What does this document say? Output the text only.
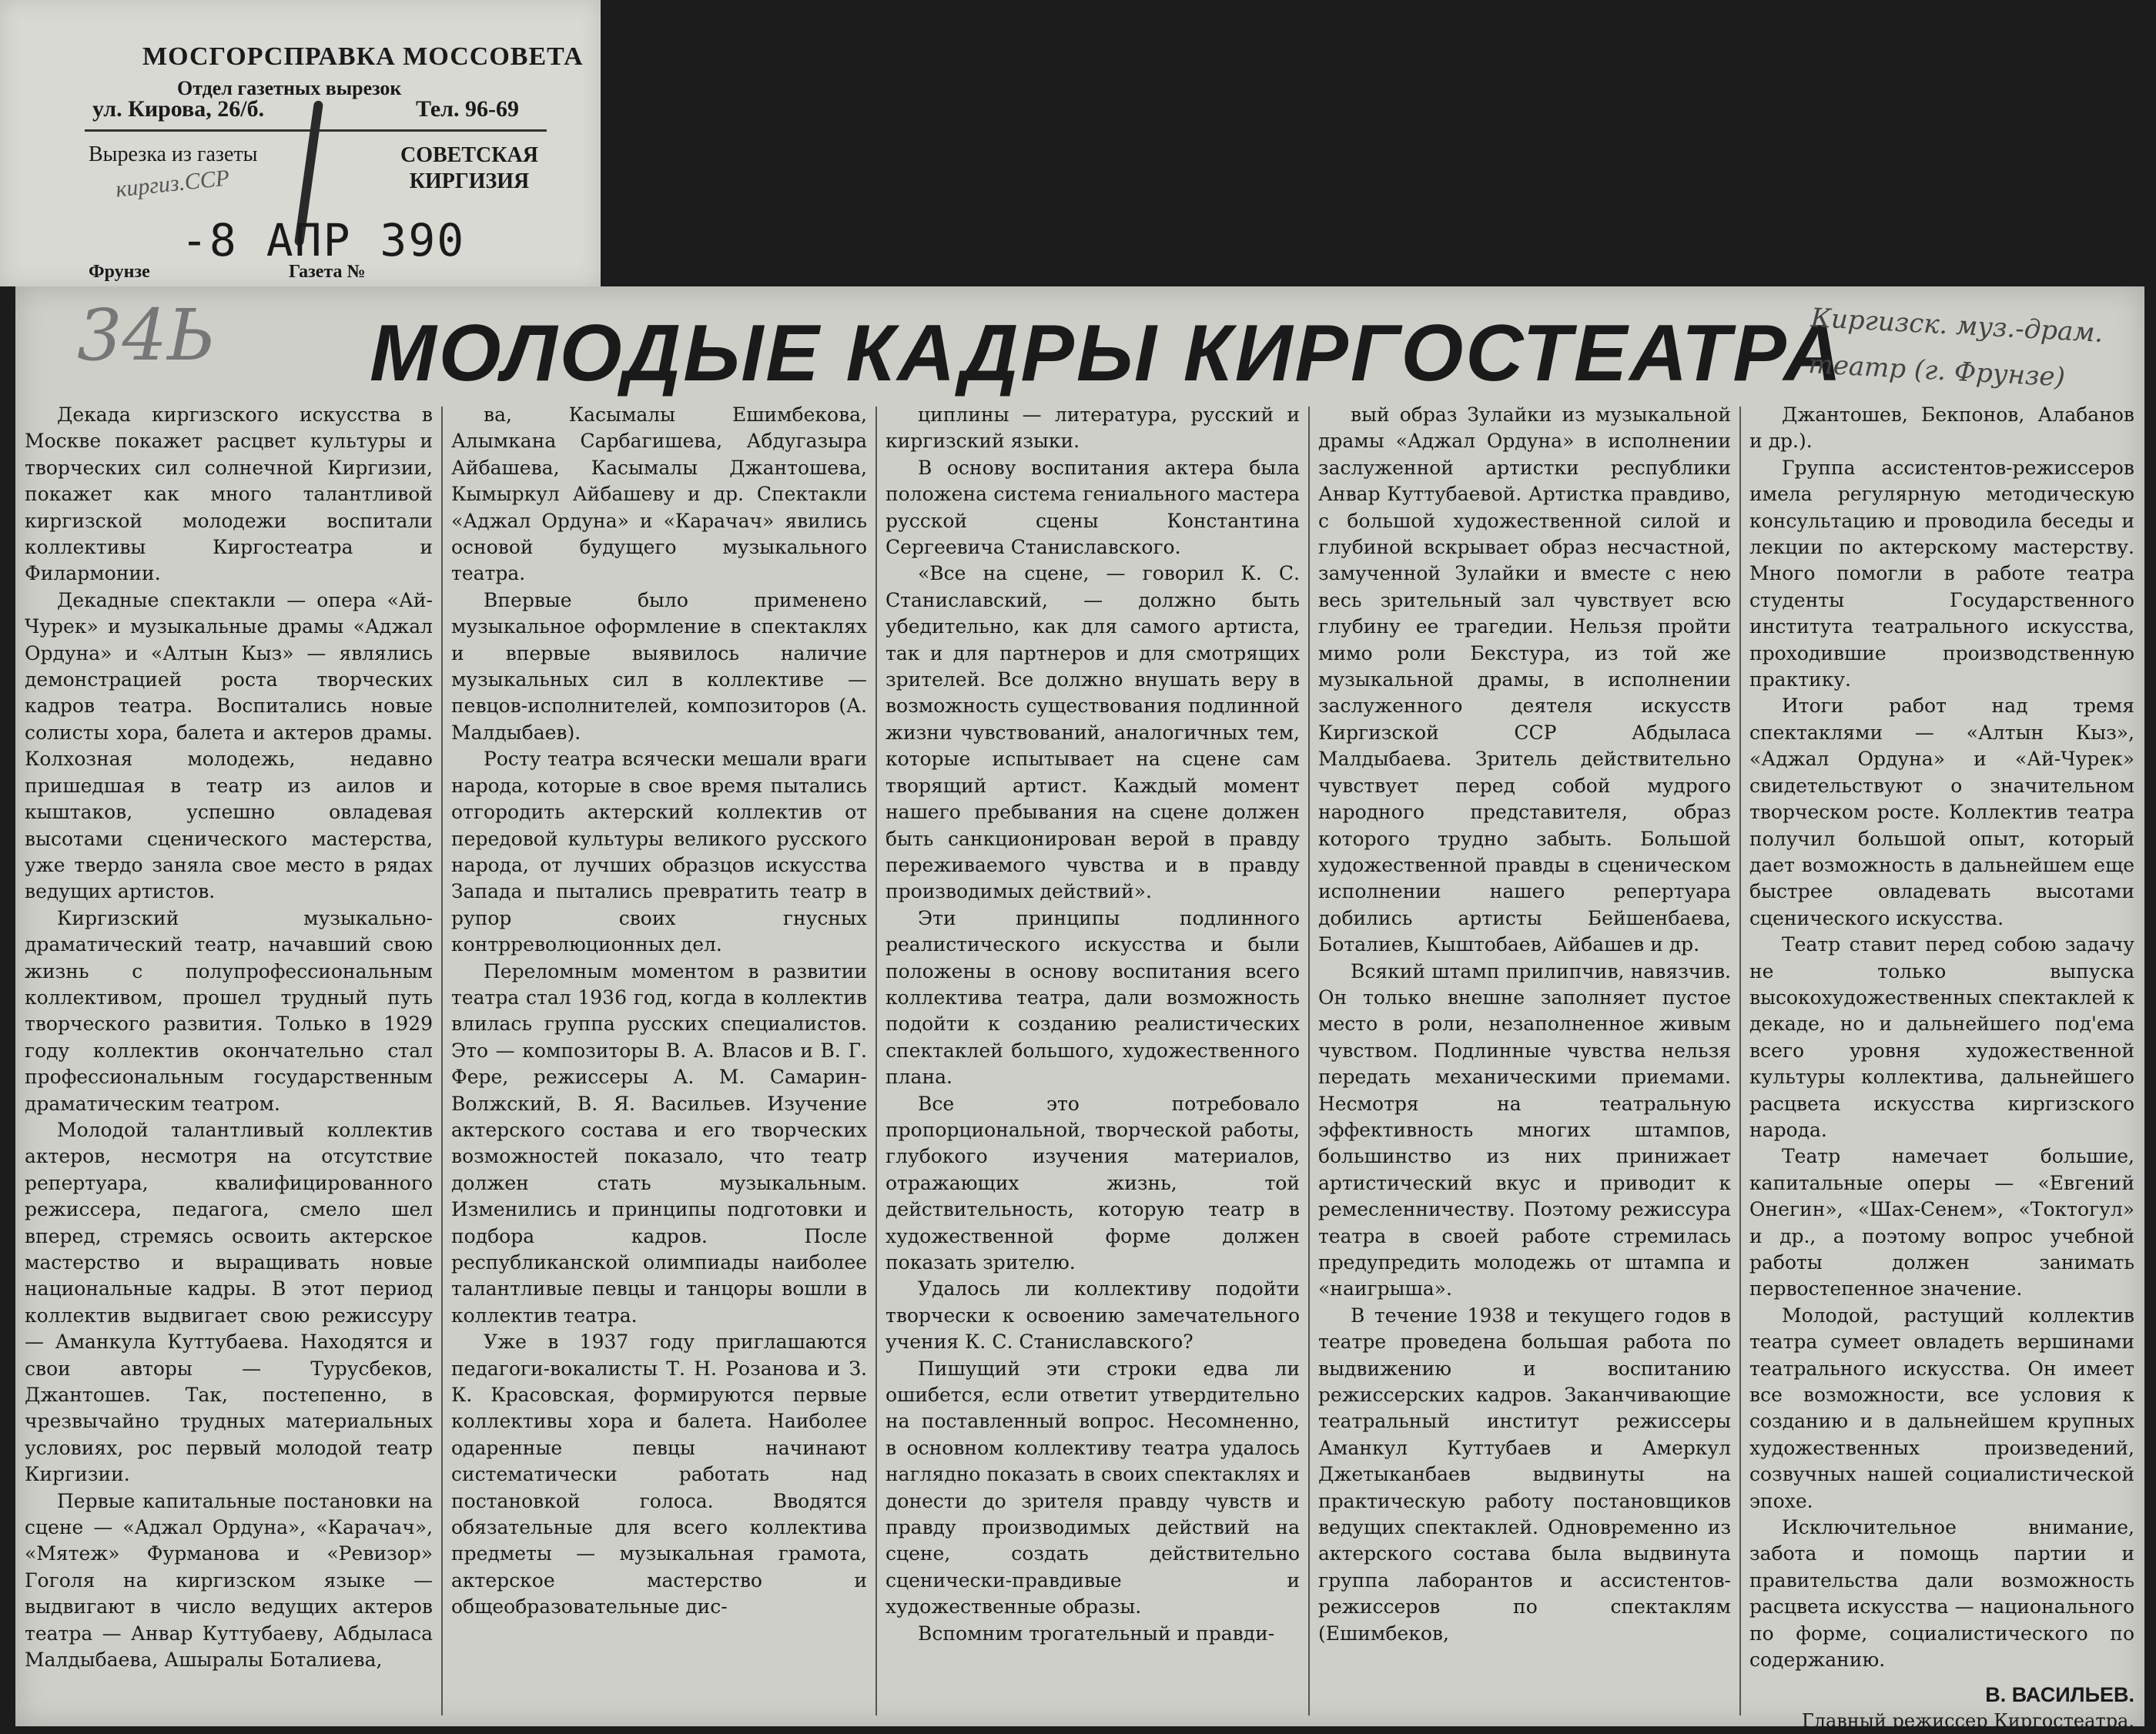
МОСГОРСПРАВКА МОССОВЕТА
Отдел газетных вырезок
ул. Кирова, 26/б.	Тел. 96-69
Вырезка из газеты	СОВЕТСКАЯ
КИРГИЗИЯ
киргиз.ССР
-8 АПР 390
Фрунзе	Газета №
34Ь МОЛОДЫЕ КАДРЫ КИРГОСТЕАТРА
Киргизск. муз.-драм. театр (г. Фрунзе)

Декада киргизского искусства в Москве покажет расцвет культуры и творческих сил солнечной Киргизии, покажет как много талантливой киргизской молодежи воспитали коллективы Киргостеатра и Филармонии.

Декадные спектакли — опера «Ай-Чурек» и музыкальные драмы «Аджал Ордуна» и «Алтын Кыз» — являлись демонстрацией роста творческих кадров театра. Воспитались новые солисты хора, балета и актеров драмы. Колхозная молодежь, недавно пришедшая в театр из аилов и кыштаков, успешно овладевая высотами сценического мастерства, уже твердо заняла свое место в рядах ведущих артистов.

Киргизский музыкально-драматический театр, начавший свою жизнь с полупрофессиональным коллективом, прошел трудный путь творческого развития. Только в 1929 году коллектив окончательно стал профессиональным государственным драматическим театром.

Молодой талантливый коллектив актеров, несмотря на отсутствие репертуара, квалифицированного режиссера, педагога, смело шел вперед, стремясь освоить актерское мастерство и выращивать новые национальные кадры. В этот период коллектив выдвигает свою режиссуру — Аманкула Куттубаева. Находятся и свои авторы — Турусбеков, Джантошев. Так, постепенно, в чрезвычайно трудных материальных условиях, рос первый молодой театр Киргизии.

Первые капитальные постановки на сцене — «Аджал Ордуна», «Карачач», «Мятеж» Фурманова и «Ревизор» Гоголя на киргизском языке — выдвигают в число ведущих актеров театра — Анвар Куттубаеву, Абдыласа Малдыбаева, Ашыралы Боталиева,

ва, Касымалы Ешимбекова, Алымкана Сарбагишева, Абдугазыра Айбашева, Касымалы Джантошева, Кымыркул Айбашеву и др. Спектакли «Аджал Ордуна» и «Карачач» явились основой будущего музыкального театра.

Впервые было применено музыкальное оформление в спектаклях и впервые выявилось наличие музыкальных сил в коллективе — певцов-исполнителей, композиторов (А. Малдыбаев).

Росту театра всячески мешали враги народа, которые в свое время пытались отгородить актерский коллектив от передовой культуры великого русского народа, от лучших образцов искусства Запада и пытались превратить театр в рупор своих гнусных контрреволюционных дел.

Переломным моментом в развитии театра стал 1936 год, когда в коллектив влилась группа русских специалистов. Это — композиторы В. А. Власов и В. Г. Фере, режиссеры А. М. Самарин-Волжский, В. Я. Васильев. Изучение актерского состава и его творческих возможностей показало, что театр должен стать музыкальным. Изменились и принципы подготовки и подбора кадров. После республиканской олимпиады наиболее талантливые певцы и танцоры вошли в коллектив театра.

Уже в 1937 году приглашаются педагоги-вокалисты Т. Н. Розанова и З. К. Красовская, формируются первые коллективы хора и балета. Наиболее одаренные певцы начинают систематически работать над постановкой голоса. Вводятся обязательные для всего коллектива предметы — музыкальная грамота, актерское мастерство и общеобразовательные дис-

циплины — литература, русский и киргизский языки.

В основу воспитания актера была положена система гениального мастера русской сцены Константина Сергеевича Станиславского.

«Все на сцене, — говорил К. С. Станиславский, — должно быть убедительно, как для самого артиста, так и для партнеров и для смотрящих зрителей. Все должно внушать веру в возможность существования подлинной жизни чувствований, аналогичных тем, которые испытывает на сцене сам творящий артист. Каждый момент нашего пребывания на сцене должен быть санкционирован верой в правду переживаемого чувства и в правду производимых действий».

Эти принципы подлинного реалистического искусства и были положены в основу воспитания всего коллектива театра, дали возможность подойти к созданию реалистических спектаклей большого, художественного плана.

Все это потребовало пропорциональной, творческой работы, глубокого изучения материалов, отражающих жизнь, той действительность, которую театр в художественной форме должен показать зрителю.

Удалось ли коллективу подойти творчески к освоению замечательного учения К. С. Станиславского?

Пишущий эти строки едва ли ошибется, если ответит утвердительно на поставленный вопрос. Несомненно, в основном коллективу театра удалось наглядно показать в своих спектаклях и донести до зрителя правду чувств и правду производимых действий на сцене, создать действительно сценически-правдивые и художественные образы.

Вспомним трогательный и правди-

вый образ Зулайки из музыкальной драмы «Аджал Ордуна» в исполнении заслуженной артистки республики Анвар Куттубаевой. Артистка правдиво, с большой художественной силой и глубиной вскрывает образ несчастной, замученной Зулайки и вместе с нею весь зрительный зал чувствует всю глубину ее трагедии. Нельзя пройти мимо роли Бекстура, из той же музыкальной драмы, в исполнении заслуженного деятеля искусств Киргизской ССР Абдыласа Малдыбаева. Зритель действительно чувствует перед собой мудрого народного представителя, образ которого трудно забыть. Большой художественной правды в сценическом исполнении нашего репертуара добились артисты Бейшенбаева, Боталиев, Кыштобаев, Айбашев и др.

Всякий штамп прилипчив, навязчив. Он только внешне заполняет пустое место в роли, незаполненное живым чувством. Подлинные чувства нельзя передать механическими приемами. Несмотря на театральную эффективность многих штампов, большинство из них принижает артистический вкус и приводит к ремесленничеству. Поэтому режиссура театра в своей работе стремилась предупредить молодежь от штампа и «наигрыша».

В течение 1938 и текущего годов в театре проведена большая работа по выдвижению и воспитанию режиссерских кадров. Заканчивающие театральный институт режиссеры Аманкул Куттубаев и Амеркул Джетыканбаев выдвинуты на практическую работу постановщиков ведущих спектаклей. Одновременно из актерского состава была выдвинута группа лаборантов и ассистентов-режиссеров по спектаклям (Ешимбеков,

Джантошев, Бекпонов, Алабанов и др.).

Группа ассистентов-режиссеров имела регулярную методическую консультацию и проводила беседы и лекции по актерскому мастерству. Много помогли в работе театра студенты Государственного института театрального искусства, проходившие производственную практику.

Итоги работ над тремя спектаклями — «Алтын Кыз», «Аджал Ордуна» и «Ай-Чурек» свидетельствуют о значительном творческом росте. Коллектив театра получил большой опыт, который дает возможность в дальнейшем еще быстрее овладевать высотами сценического искусства.

Театр ставит перед собою задачу не только выпуска высокохудожественных спектаклей к декаде, но и дальнейшего под'ема всего уровня художественной культуры коллектива, дальнейшего расцвета искусства киргизского народа.

Театр намечает большие, капитальные оперы — «Евгений Онегин», «Шах-Сенем», «Токтогул» и др., а поэтому вопрос учебной работы должен занимать первостепенное значение.

Молодой, растущий коллектив театра сумеет овладеть вершинами театрального искусства. Он имеет все возможности, все условия к созданию и в дальнейшем крупных художественных произведений, созвучных нашей социалистической эпохе.

Исключительное внимание, забота и помощь партии и правительства дали возможность расцвета искусства — национального по форме, социалистического по содержанию.

В. ВАСИЛЬЕВ.
Главный режиссер Киргостеатра.
